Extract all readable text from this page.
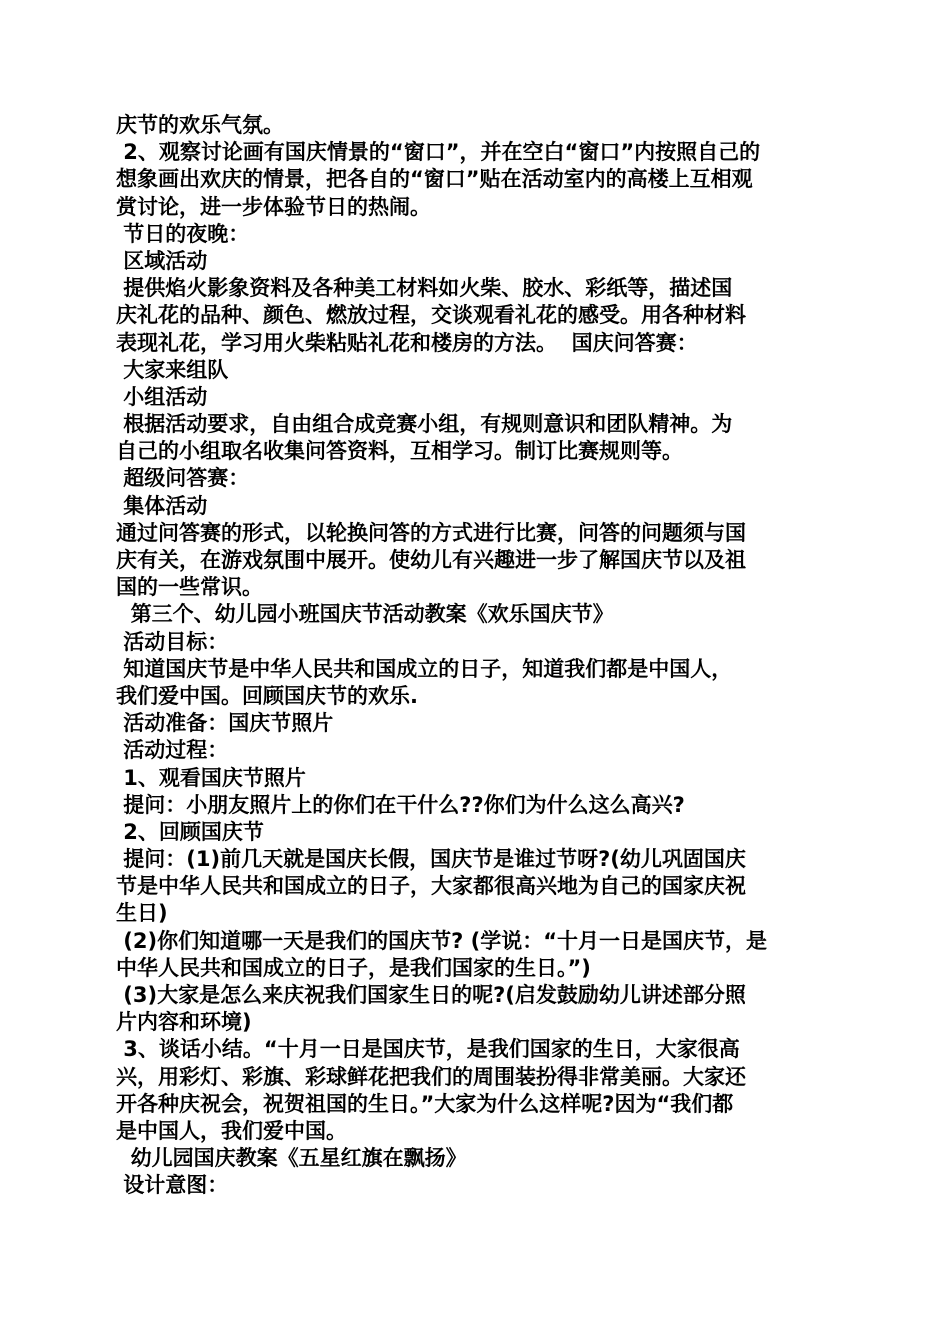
庆节的欢乐气氛。
2、观察讨论画有国庆情景的“窗口”，并在空白“窗口”内按照自己的
想象画出欢庆的情景，把各自的“窗口”贴在活动室内的高楼上互相观
赏讨论，进一步体验节日的热闹。
节日的夜晚：
区域活动
提供焰火影象资料及各种美工材料如火柴、胶水、彩纸等，描述国
庆礼花的品种、颜色、燃放过程，交谈观看礼花的感受。用各种材料
表现礼花，学习用火柴粘贴礼花和楼房的方法。  国庆问答赛：
大家来组队
小组活动
根据活动要求，自由组合成竞赛小组，有规则意识和团队精神。为
自己的小组取名收集问答资料，互相学习。制订比赛规则等。
超级问答赛：
集体活动
通过问答赛的形式，以轮换问答的方式进行比赛，问答的问题须与国
庆有关，在游戏氛围中展开。使幼儿有兴趣进一步了解国庆节以及祖
国的一些常识。
第三个、幼儿园小班国庆节活动教案《欢乐国庆节》
活动目标：
知道国庆节是中华人民共和国成立的日子，知道我们都是中国人，
我们爱中国。回顾国庆节的欢乐.
活动准备：国庆节照片
活动过程：
1、观看国庆节照片
提问：小朋友照片上的你们在干什么??你们为什么这么高兴?
2、回顾国庆节
提问：(1)前几天就是国庆长假，国庆节是谁过节呀?(幼儿巩固国庆
节是中华人民共和国成立的日子，大家都很高兴地为自己的国家庆祝
生日)
(2)你们知道哪一天是我们的国庆节? (学说：“十月一日是国庆节，是
中华人民共和国成立的日子，是我们国家的生日。”)
(3)大家是怎么来庆祝我们国家生日的呢?(启发鼓励幼儿讲述部分照
片内容和环境)
3、谈话小结。“十月一日是国庆节，是我们国家的生日，大家很高
兴，用彩灯、彩旗、彩球鲜花把我们的周围装扮得非常美丽。大家还
开各种庆祝会，祝贺祖国的生日。”大家为什么这样呢?因为“我们都
是中国人，我们爱中国。
幼儿园国庆教案《五星红旗在飘扬》
设计意图：
